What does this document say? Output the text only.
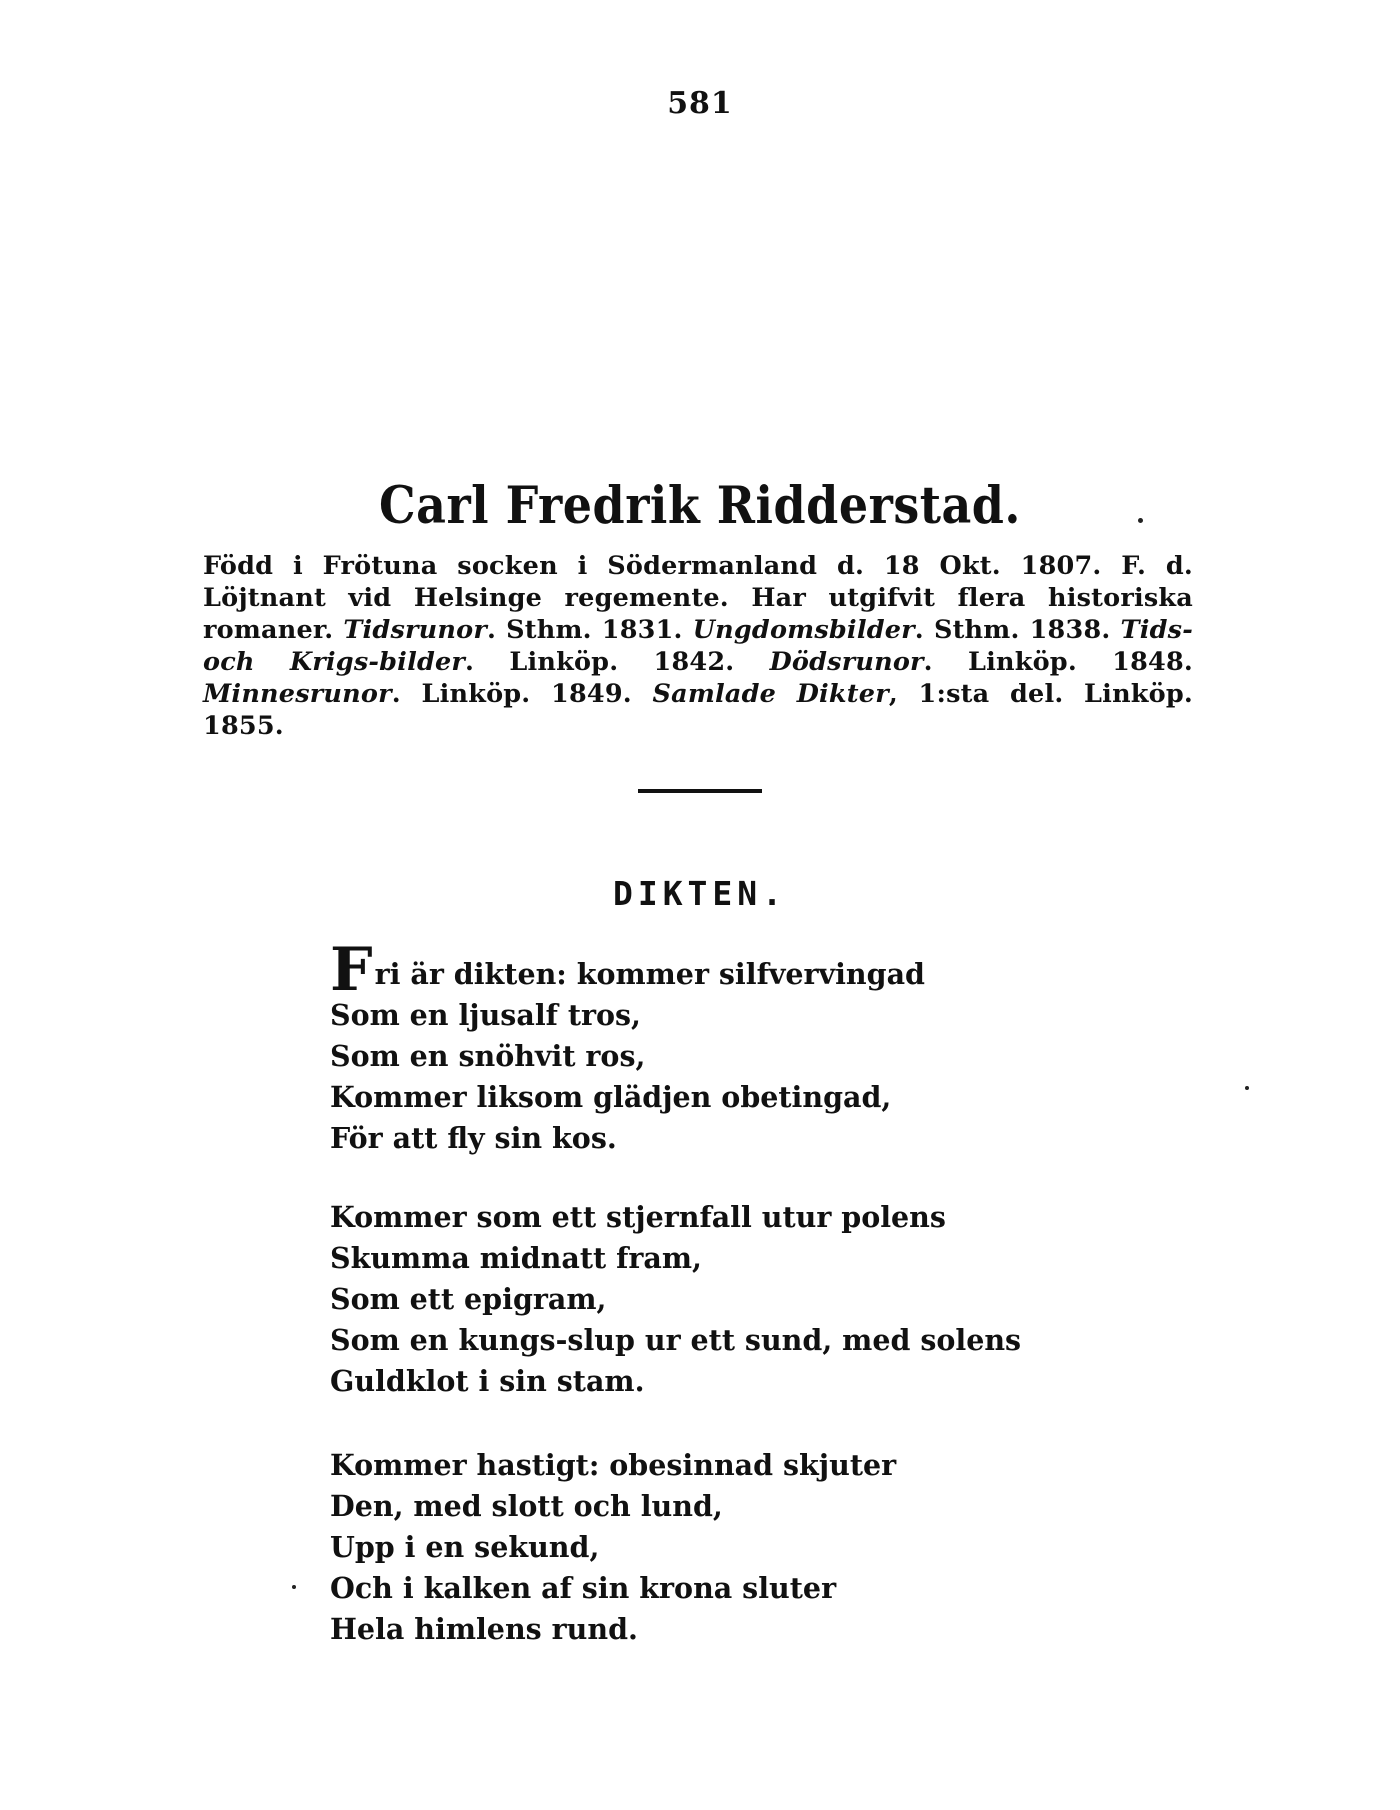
581
Carl Fredrik Ridderstad.
Född i Frötuna socken i Södermanland d. 18 Okt. 1807. F. d. Löjtnant vid Helsinge regemente. Har utgifvit flera historiska romaner. Tidsrunor. Sthm. 1831. Ungdomsbilder. Sthm. 1838. Tids- och Krigs-bilder. Linköp. 1842. Dödsrunor. Linköp. 1848. Minnesrunor. Linköp. 1849. Samlade Dikter, 1:sta del. Linköp. 1855.
DIKTEN.
Fri är dikten: kommer silfvervingad
Som en ljusalf tros,
Som en snöhvit ros,
Kommer liksom glädjen obetingad,
För att fly sin kos.
Kommer som ett stjernfall utur polens
Skumma midnatt fram,
Som ett epigram,
Som en kungs-slup ur ett sund, med solens
Guldklot i sin stam.
Kommer hastigt: obesinnad skjuter
Den, med slott och lund,
Upp i en sekund,
Och i kalken af sin krona sluter
Hela himlens rund.
